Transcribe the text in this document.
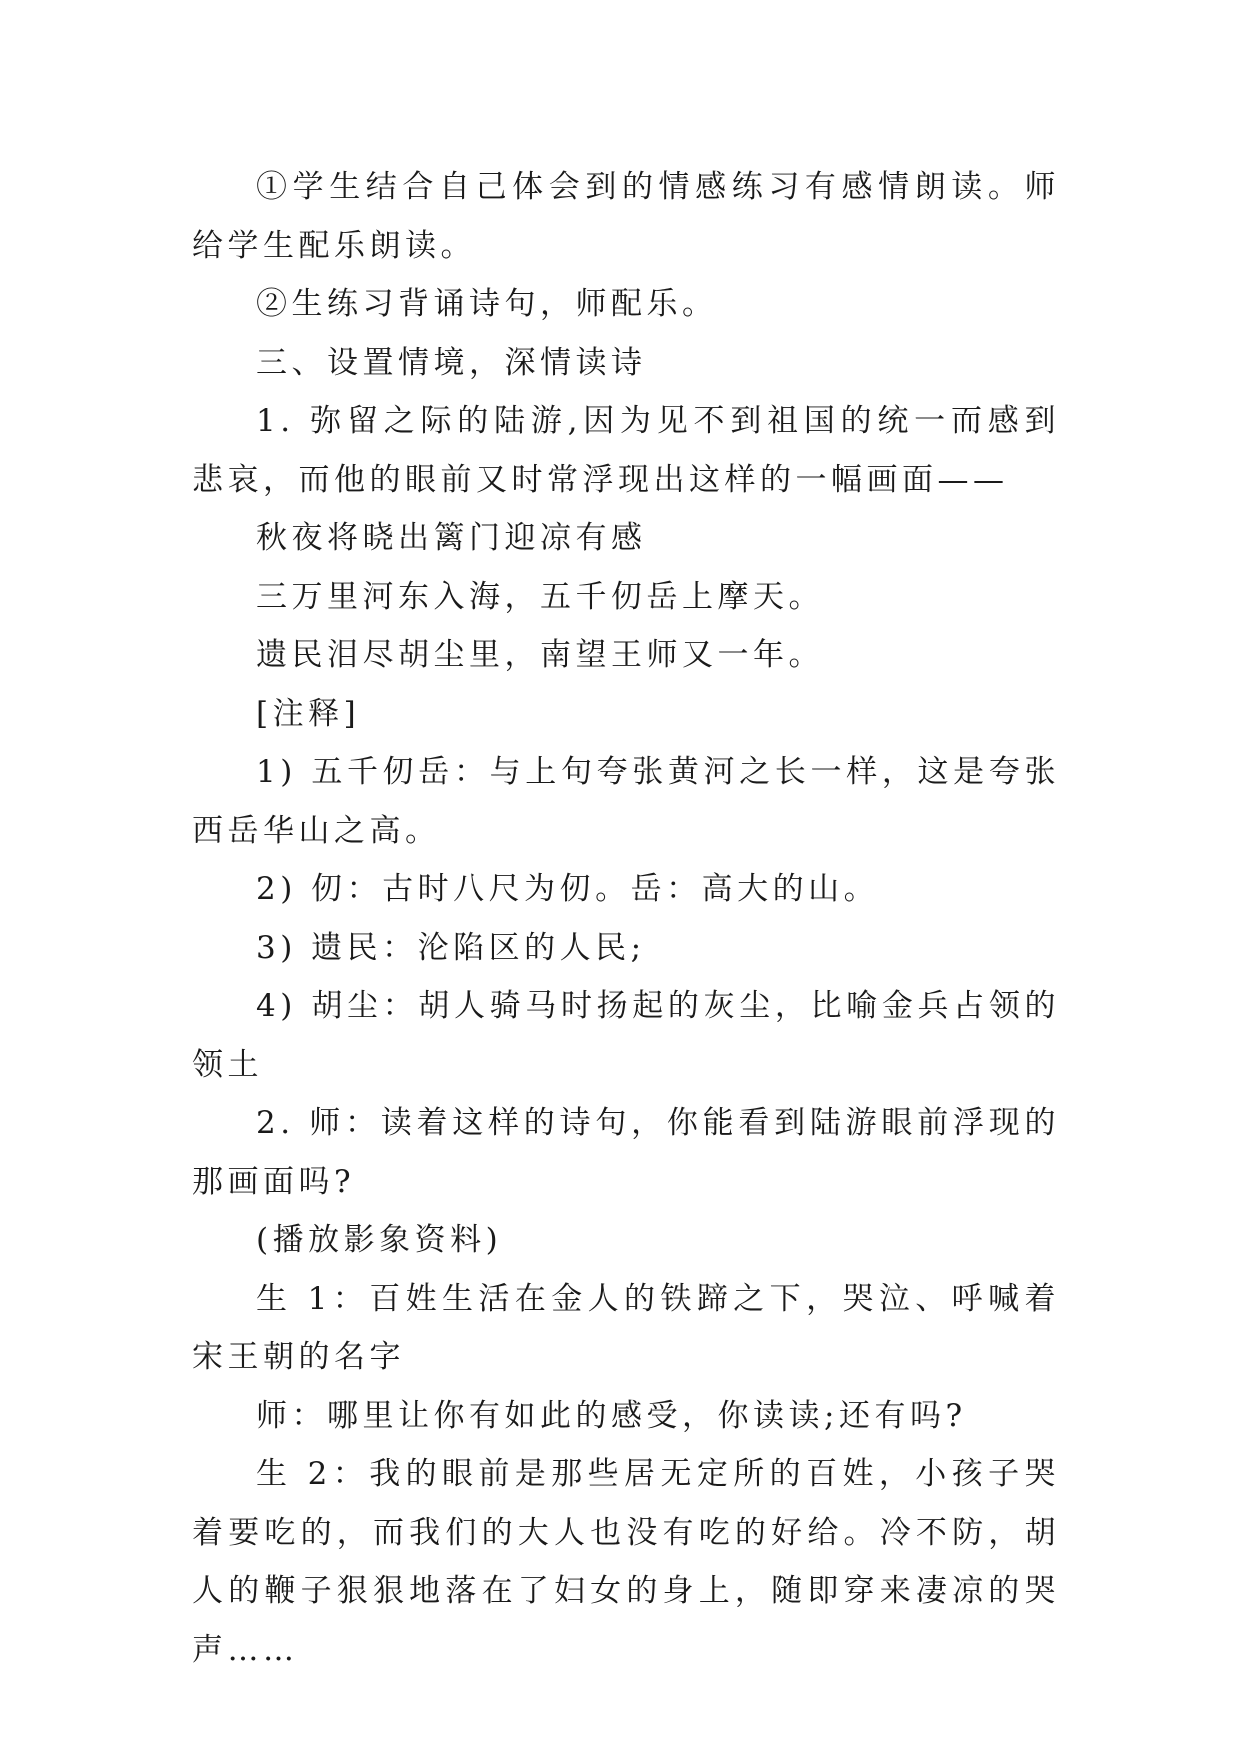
①学生结合自己体会到的情感练习有感情朗读。师给学生配乐朗读。

②生练习背诵诗句，师配乐。

三、设置情境，深情读诗

1. 弥留之际的陆游,因为见不到祖国的统一而感到悲哀，而他的眼前又时常浮现出这样的一幅画面——

秋夜将晓出篱门迎凉有感

三万里河东入海，五千仞岳上摩天。

遗民泪尽胡尘里，南望王师又一年。

[注释]

1) 五千仞岳：与上句夸张黄河之长一样，这是夸张西岳华山之高。

2) 仞：古时八尺为仞。岳：高大的山。

3) 遗民：沦陷区的人民;

4) 胡尘：胡人骑马时扬起的灰尘，比喻金兵占领的领土

2. 师：读着这样的诗句，你能看到陆游眼前浮现的那画面吗?

(播放影象资料)

生 1：百姓生活在金人的铁蹄之下，哭泣、呼喊着宋王朝的名字

师：哪里让你有如此的感受，你读读;还有吗?

生 2：我的眼前是那些居无定所的百姓，小孩子哭着要吃的，而我们的大人也没有吃的好给。冷不防，胡人的鞭子狠狠地落在了妇女的身上，随即穿来凄凉的哭声……
